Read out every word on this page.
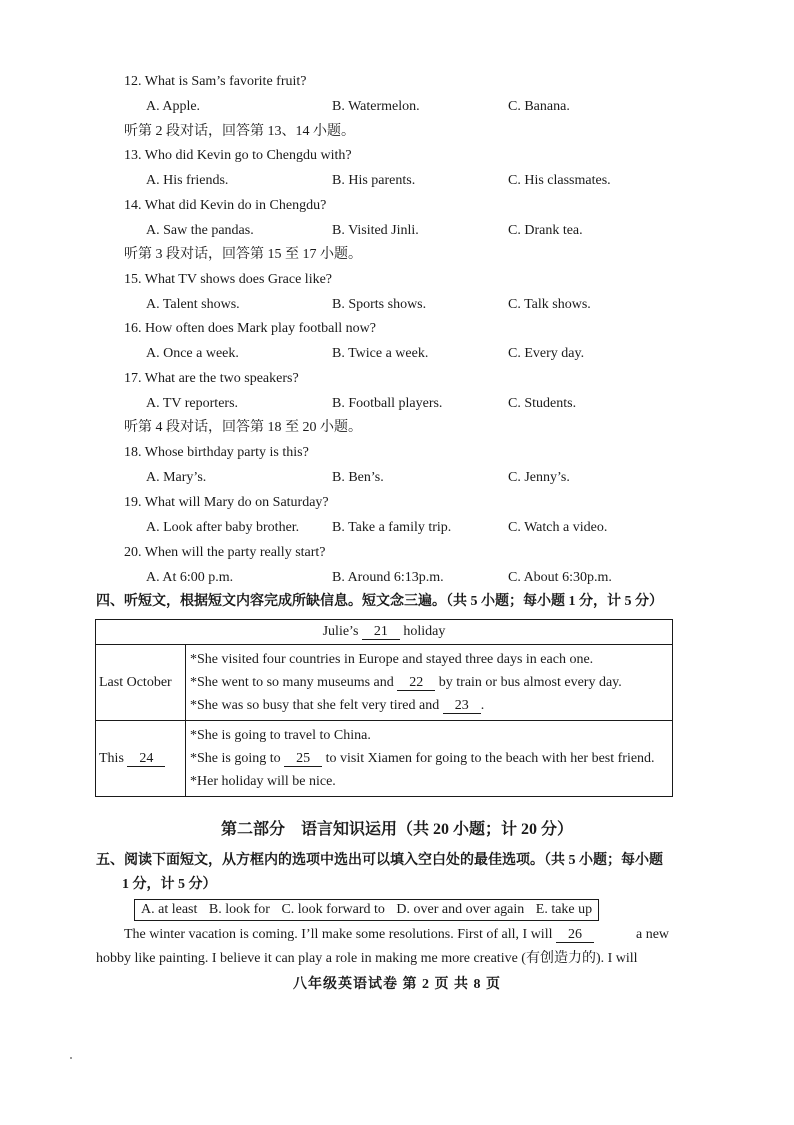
12. What is Sam’s favorite fruit?
A. Apple.	B. Watermelon.	C. Banana.
听第 2 段对话，回答第 13、14 小题。
13. Who did Kevin go to Chengdu with?
A. His friends.	B. His parents.	C. His classmates.
14. What did Kevin do in Chengdu?
A. Saw the pandas.	B. Visited Jinli.	C. Drank tea.
听第 3 段对话，回答第 15 至 17 小题。
15. What TV shows does Grace like?
A. Talent shows.	B. Sports shows.	C. Talk shows.
16. How often does Mark play football now?
A. Once a week.	B. Twice a week.	C. Every day.
17. What are the two speakers?
A. TV reporters.	B. Football players.	C. Students.
听第 4 段对话，回答第 18 至 20 小题。
18. Whose birthday party is this?
A. Mary’s.	B. Ben’s.	C. Jenny’s.
19. What will Mary do on Saturday?
A. Look after baby brother. B. Take a family trip.	C. Watch a video.
20. When will the party really start?
A. At 6:00 p.m.	B. Around 6:13p.m.	C. About 6:30p.m.
四、听短文，根据短文内容完成所缺信息。短文念三遍。（共 5 小题；每小题 1 分，计 5 分）
Julie’s 21 holiday	
Last October	*She visited four countries in Europe and stayed three days in each one.
*She went to so many museums and 22 by train or bus almost every day.
*She was so busy that she felt very tired and 23 .

This 24	*She is going to travel to China.
*She is going to 25 to visit Xiamen for going to the beach with her best friend.
*Her holiday will be nice.
第二部分 语言知识运用（共 20 小题；计 20 分）
五、阅读下面短文，从方框内的选项中选出可以填入空白处的最佳选项。（共 5 小题；每小题
1 分，计 5 分）
A. at least B. look for C. look forward to D. over and over again E. take up
The winter vacation is coming. I’ll make some resolutions. First of all, I will 26	a new
hobby like painting. I believe it can play a role in making me more creative (有创造力的). I will
八年级英语试卷 第 2 页 共 8 页
